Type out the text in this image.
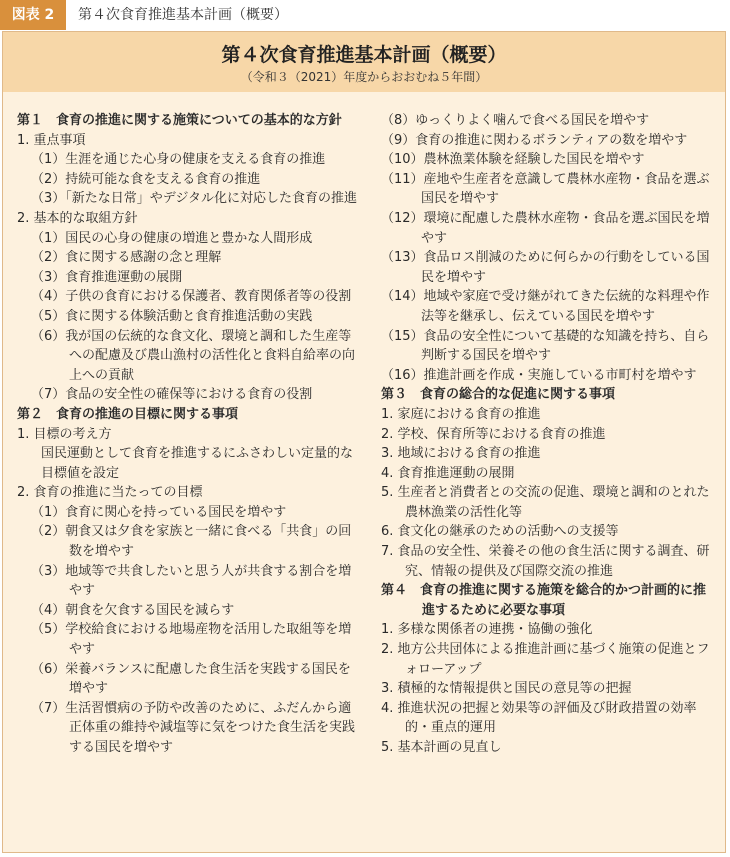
図表 2	第４次食育推進基本計画（概要）
第４次食育推進基本計画（概要）
（令和３（2021）年度からおおむね５年間）

第１　食育の推進に関する施策についての基本的な方針

1. 重点事項

（1）生涯を通じた心身の健康を支える食育の推進

（2）持続可能な食を支える食育の推進

（3）「新たな日常」やデジタル化に対応した食育の推進

2. 基本的な取組方針

（1）国民の心身の健康の増進と豊かな人間形成

（2）食に関する感謝の念と理解

（3）食育推進運動の展開

（4）子供の食育における保護者、教育関係者等の役割

（5）食に関する体験活動と食育推進活動の実践

（6）我が国の伝統的な食文化、環境と調和した生産等への配慮及び農山漁村の活性化と食料自給率の向上への貢献

（7）食品の安全性の確保等における食育の役割

第２　食育の推進の目標に関する事項

1. 目標の考え方

国民運動として食育を推進するにふさわしい定量的な目標値を設定

2. 食育の推進に当たっての目標

（1）食育に関心を持っている国民を増やす

（2）朝食又は夕食を家族と一緒に食べる「共食」の回数を増やす

（3）地域等で共食したいと思う人が共食する割合を増やす

（4）朝食を欠食する国民を減らす

（5）学校給食における地場産物を活用した取組等を増やす

（6）栄養バランスに配慮した食生活を実践する国民を増やす

（7）生活習慣病の予防や改善のために、ふだんから適正体重の維持や減塩等に気をつけた食生活を実践する国民を増やす

（8）ゆっくりよく噛んで食べる国民を増やす

（9）食育の推進に関わるボランティアの数を増やす

（10）農林漁業体験を経験した国民を増やす

（11）産地や生産者を意識して農林水産物・食品を選ぶ国民を増やす

（12）環境に配慮した農林水産物・食品を選ぶ国民を増やす

（13）食品ロス削減のために何らかの行動をしている国民を増やす

（14）地域や家庭で受け継がれてきた伝統的な料理や作法等を継承し、伝えている国民を増やす

（15）食品の安全性について基礎的な知識を持ち、自ら判断する国民を増やす

（16）推進計画を作成・実施している市町村を増やす

第３　食育の総合的な促進に関する事項

1. 家庭における食育の推進

2. 学校、保育所等における食育の推進

3. 地域における食育の推進

4. 食育推進運動の展開

5. 生産者と消費者との交流の促進、環境と調和のとれた農林漁業の活性化等

6. 食文化の継承のための活動への支援等

7. 食品の安全性、栄養その他の食生活に関する調査、研究、情報の提供及び国際交流の推進

第４　食育の推進に関する施策を総合的かつ計画的に推進するために必要な事項

1. 多様な関係者の連携・協働の強化

2. 地方公共団体による推進計画に基づく施策の促進とフォローアップ

3. 積極的な情報提供と国民の意見等の把握

4. 推進状況の把握と効果等の評価及び財政措置の効率的・重点的運用

5. 基本計画の見直し
